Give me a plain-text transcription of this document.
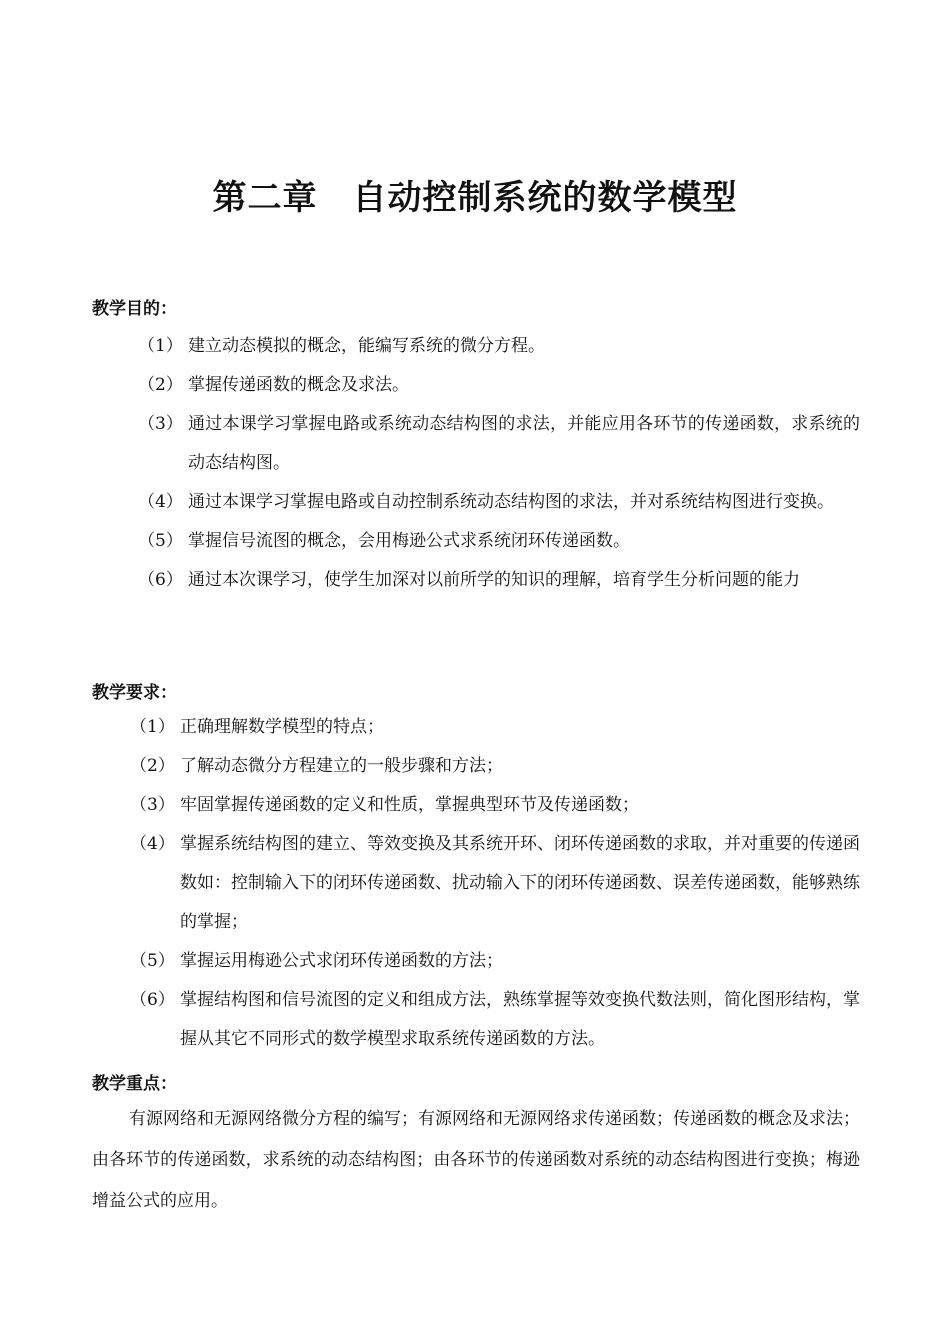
第二章　自动控制系统的数学模型
教学目的：
（1） 建立动态模拟的概念，能编写系统的微分方程。
（2） 掌握传递函数的概念及求法。
（3） 通过本课学习掌握电路或系统动态结构图的求法，并能应用各环节的传递函数，求系统的动态结构图。
（4） 通过本课学习掌握电路或自动控制系统动态结构图的求法，并对系统结构图进行变换。
（5） 掌握信号流图的概念，会用梅逊公式求系统闭环传递函数。
（6） 通过本次课学习，使学生加深对以前所学的知识的理解，培育学生分析问题的能力
教学要求：
（1） 正确理解数学模型的特点；
（2） 了解动态微分方程建立的一般步骤和方法；
（3） 牢固掌握传递函数的定义和性质，掌握典型环节及传递函数；
（4） 掌握系统结构图的建立、等效变换及其系统开环、闭环传递函数的求取，并对重要的传递函数如：控制输入下的闭环传递函数、扰动输入下的闭环传递函数、误差传递函数，能够熟练的掌握；
（5） 掌握运用梅逊公式求闭环传递函数的方法；
（6） 掌握结构图和信号流图的定义和组成方法，熟练掌握等效变换代数法则，简化图形结构，掌握从其它不同形式的数学模型求取系统传递函数的方法。
教学重点：

有源网络和无源网络微分方程的编写；有源网络和无源网络求传递函数；传递函数的概念及求法；由各环节的传递函数，求系统的动态结构图；由各环节的传递函数对系统的动态结构图进行变换；梅逊增益公式的应用。
